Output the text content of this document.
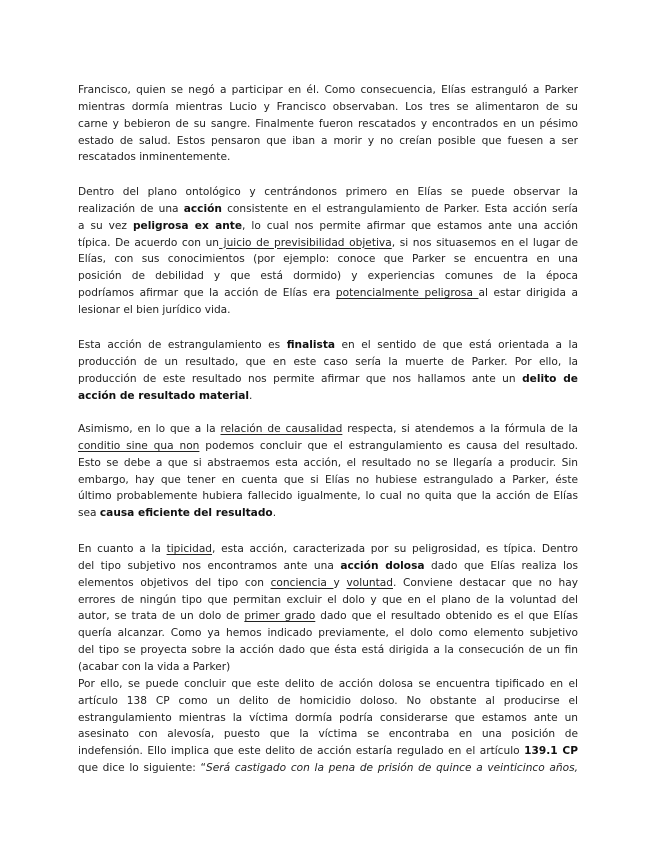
Francisco, quien se negó a participar en él. Como consecuencia, Elías estranguló a Parker
mientras dormía mientras Lucio y Francisco observaban. Los tres se alimentaron de su
carne y bebieron de su sangre. Finalmente fueron rescatados y encontrados en un pésimo
estado de salud. Estos pensaron que iban a morir y no creían posible que fuesen a ser
rescatados inminentemente.
Dentro del plano ontológico y centrándonos primero en Elías se puede observar la
realización de una acción consistente en el estrangulamiento de Parker. Esta acción sería
a su vez peligrosa ex ante, lo cual nos permite afirmar que estamos ante una acción
típica. De acuerdo con un juicio de previsibilidad objetiva, si nos situasemos en el lugar de
Elías, con sus conocimientos (por ejemplo: conoce que Parker se encuentra en una
posición de debilidad y que está dormido) y experiencias comunes de la época
podríamos afirmar que la acción de Elías era potencialmente peligrosa al estar dirigida a
lesionar el bien jurídico vida.
Esta acción de estrangulamiento es finalista en el sentido de que está orientada a la
producción de un resultado, que en este caso sería la muerte de Parker. Por ello, la
producción de este resultado nos permite afirmar que nos hallamos ante un delito de
acción de resultado material.
Asimismo, en lo que a la relación de causalidad respecta, si atendemos a la fórmula de la
conditio sine qua non podemos concluir que el estrangulamiento es causa del resultado.
Esto se debe a que si abstraemos esta acción, el resultado no se llegaría a producir. Sin
embargo, hay que tener en cuenta que si Elías no hubiese estrangulado a Parker, éste
último probablemente hubiera fallecido igualmente, lo cual no quita que la acción de Elías
sea causa eficiente del resultado.
En cuanto a la tipicidad, esta acción, caracterizada por su peligrosidad, es típica. Dentro
del tipo subjetivo nos encontramos ante una acción dolosa dado que Elías realiza los
elementos objetivos del tipo con conciencia y voluntad. Conviene destacar que no hay
errores de ningún tipo que permitan excluir el dolo y que en el plano de la voluntad del
autor, se trata de un dolo de primer grado dado que el resultado obtenido es el que Elías
quería alcanzar. Como ya hemos indicado previamente, el dolo como elemento subjetivo
del tipo se proyecta sobre la acción dado que ésta está dirigida a la consecución de un fin
(acabar con la vida a Parker)
Por ello, se puede concluir que este delito de acción dolosa se encuentra tipificado en el
artículo 138 CP como un delito de homicidio doloso. No obstante al producirse el
estrangulamiento mientras la víctima dormía podría considerarse que estamos ante un
asesinato con alevosía, puesto que la víctima se encontraba en una posición de
indefensión. Ello implica que este delito de acción estaría regulado en el artículo 139.1 CP
que dice lo siguiente: “Será castigado con la pena de prisión de quince a veinticinco años,
